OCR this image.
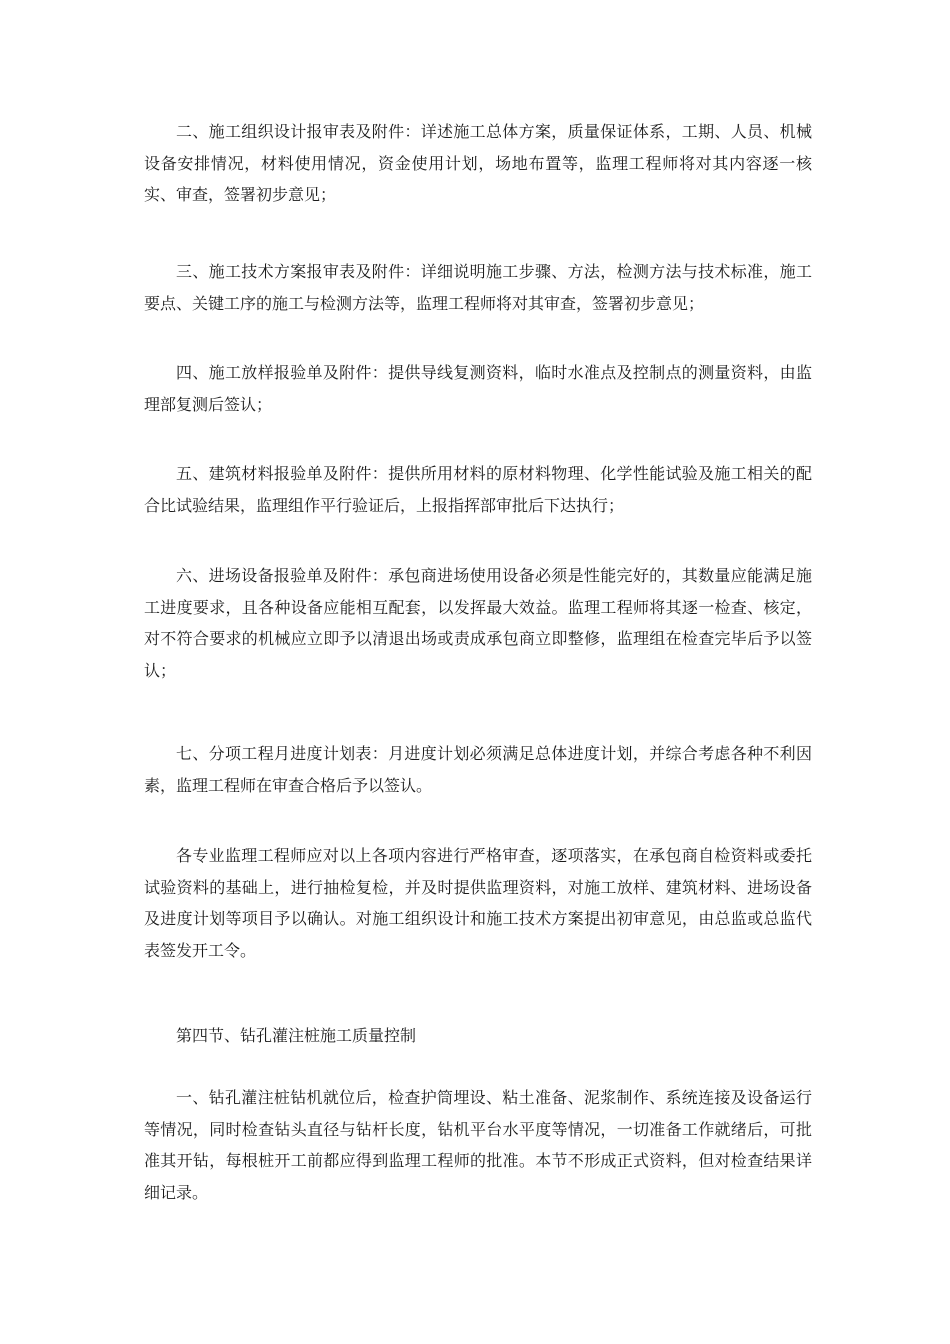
二、施工组织设计报审表及附件：详述施工总体方案，质量保证体系，工期、人员、机械设备安排情况，材料使用情况，资金使用计划，场地布置等，监理工程师将对其内容逐一核实、审查，签署初步意见；

三、施工技术方案报审表及附件：详细说明施工步骤、方法，检测方法与技术标准，施工要点、关键工序的施工与检测方法等，监理工程师将对其审查，签署初步意见；

四、施工放样报验单及附件：提供导线复测资料，临时水准点及控制点的测量资料，由监理部复测后签认；

五、建筑材料报验单及附件：提供所用材料的原材料物理、化学性能试验及施工相关的配合比试验结果，监理组作平行验证后，上报指挥部审批后下达执行；

六、进场设备报验单及附件：承包商进场使用设备必须是性能完好的，其数量应能满足施工进度要求，且各种设备应能相互配套，以发挥最大效益。监理工程师将其逐一检查、核定，对不符合要求的机械应立即予以清退出场或责成承包商立即整修，监理组在检查完毕后予以签认；

七、分项工程月进度计划表：月进度计划必须满足总体进度计划，并综合考虑各种不利因素，监理工程师在审查合格后予以签认。

各专业监理工程师应对以上各项内容进行严格审查，逐项落实，在承包商自检资料或委托试验资料的基础上，进行抽检复检，并及时提供监理资料，对施工放样、建筑材料、进场设备及进度计划等项目予以确认。对施工组织设计和施工技术方案提出初审意见，由总监或总监代表签发开工令。

第四节、钻孔灌注桩施工质量控制

一、钻孔灌注桩钻机就位后，检查护筒埋设、粘土准备、泥浆制作、系统连接及设备运行等情况，同时检查钻头直径与钻杆长度，钻机平台水平度等情况，一切准备工作就绪后，可批准其开钻，每根桩开工前都应得到监理工程师的批准。本节不形成正式资料，但对检查结果详细记录。
